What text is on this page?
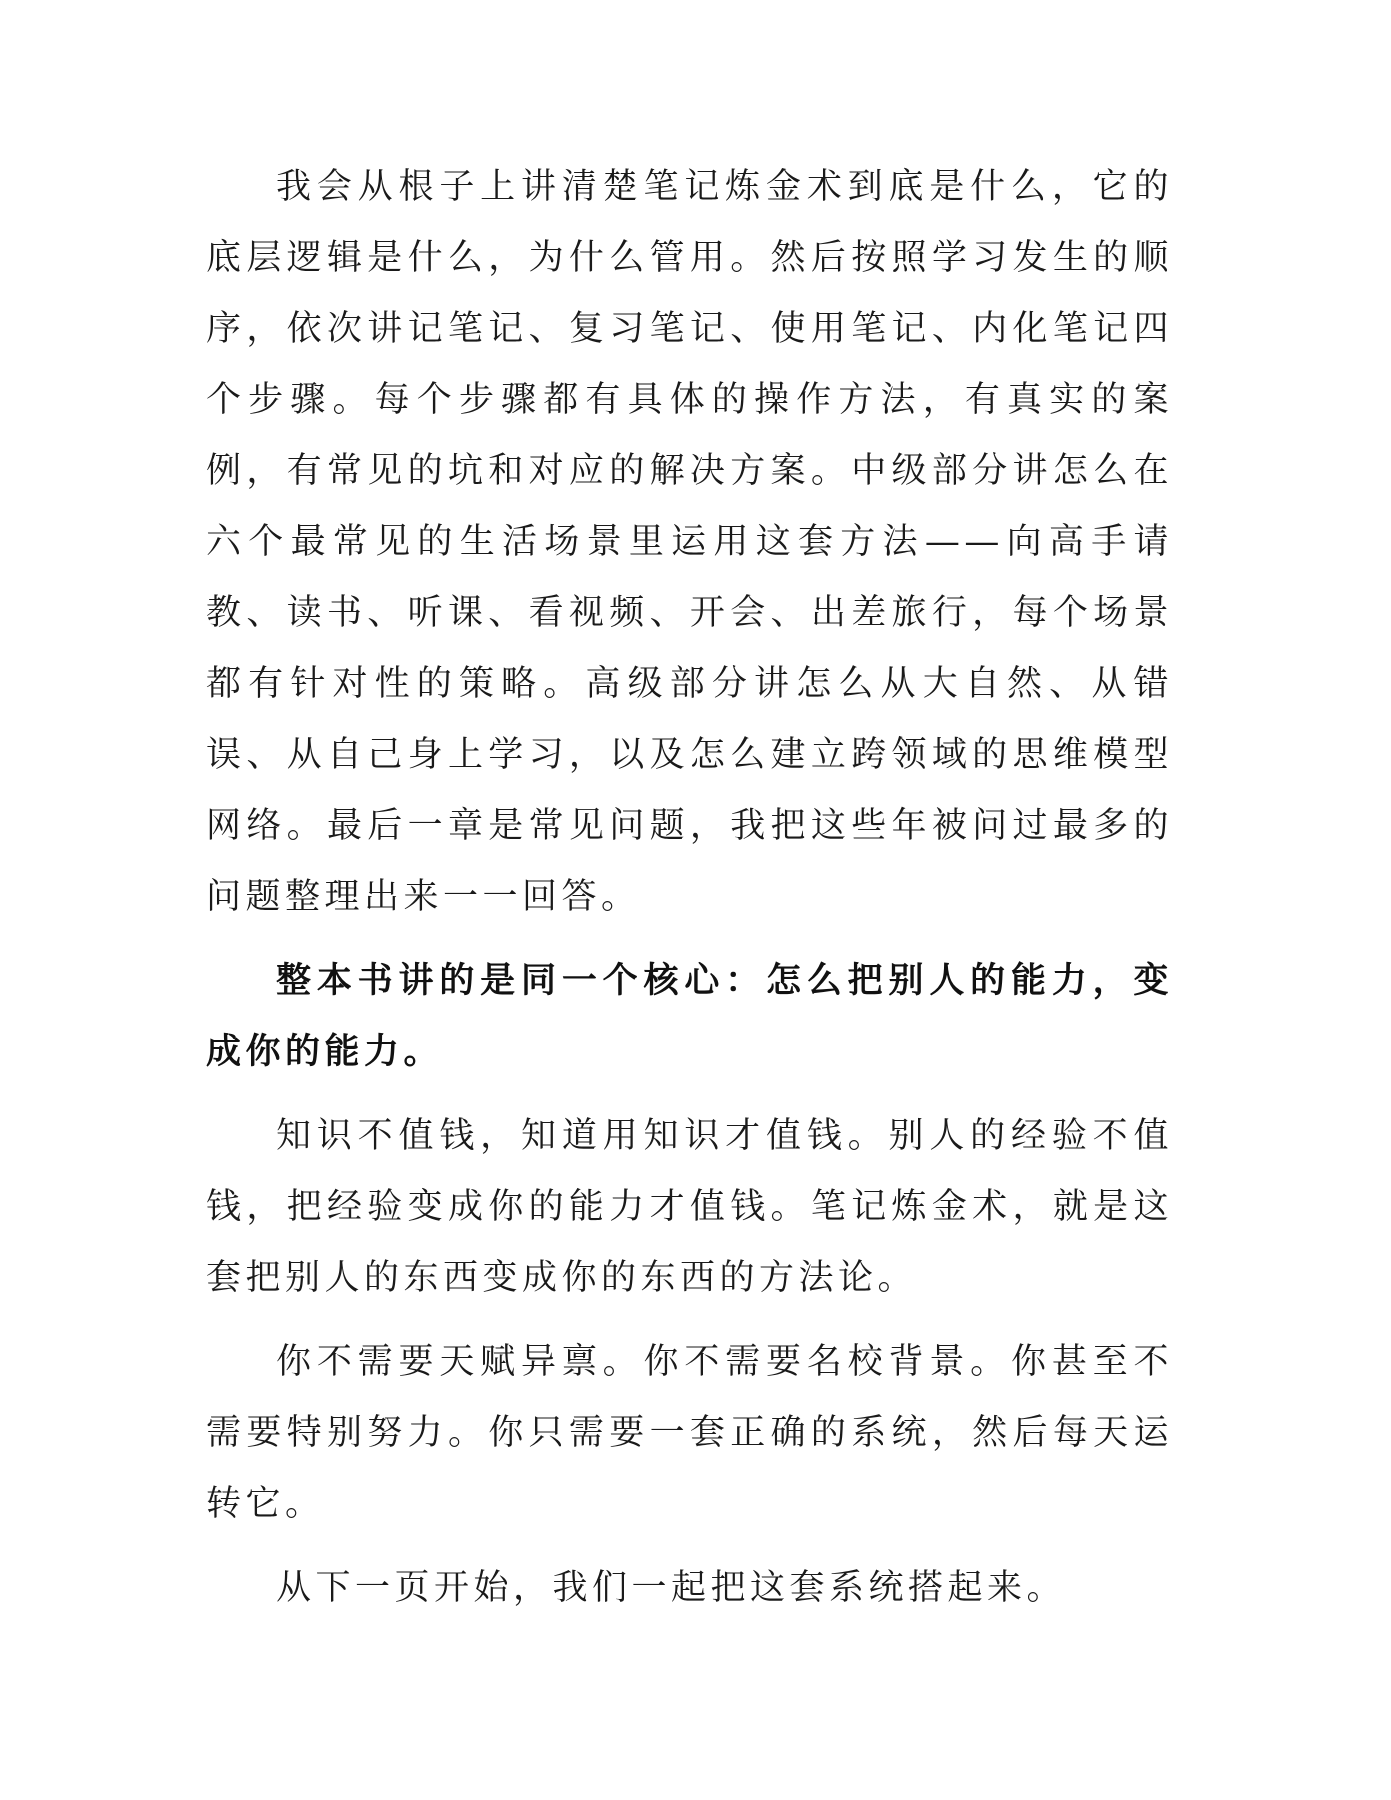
我会从根子上讲清楚笔记炼金术到底是什么，它的底层逻辑是什么，为什么管用。然后按照学习发生的顺序，依次讲记笔记、复习笔记、使用笔记、内化笔记四个步骤。每个步骤都有具体的操作方法，有真实的案例，有常见的坑和对应的解决方案。中级部分讲怎么在六个最常见的生活场景里运用这套方法——向高手请教、读书、听课、看视频、开会、出差旅行，每个场景都有针对性的策略。高级部分讲怎么从大自然、从错误、从自己身上学习，以及怎么建立跨领域的思维模型网络。最后一章是常见问题，我把这些年被问过最多的问题整理出来一一回答。

整本书讲的是同一个核心：怎么把别人的能力，变成你的能力。

知识不值钱，知道用知识才值钱。别人的经验不值钱，把经验变成你的能力才值钱。笔记炼金术，就是这套把别人的东西变成你的东西的方法论。

你不需要天赋异禀。你不需要名校背景。你甚至不需要特别努力。你只需要一套正确的系统，然后每天运转它。

从下一页开始，我们一起把这套系统搭起来。
